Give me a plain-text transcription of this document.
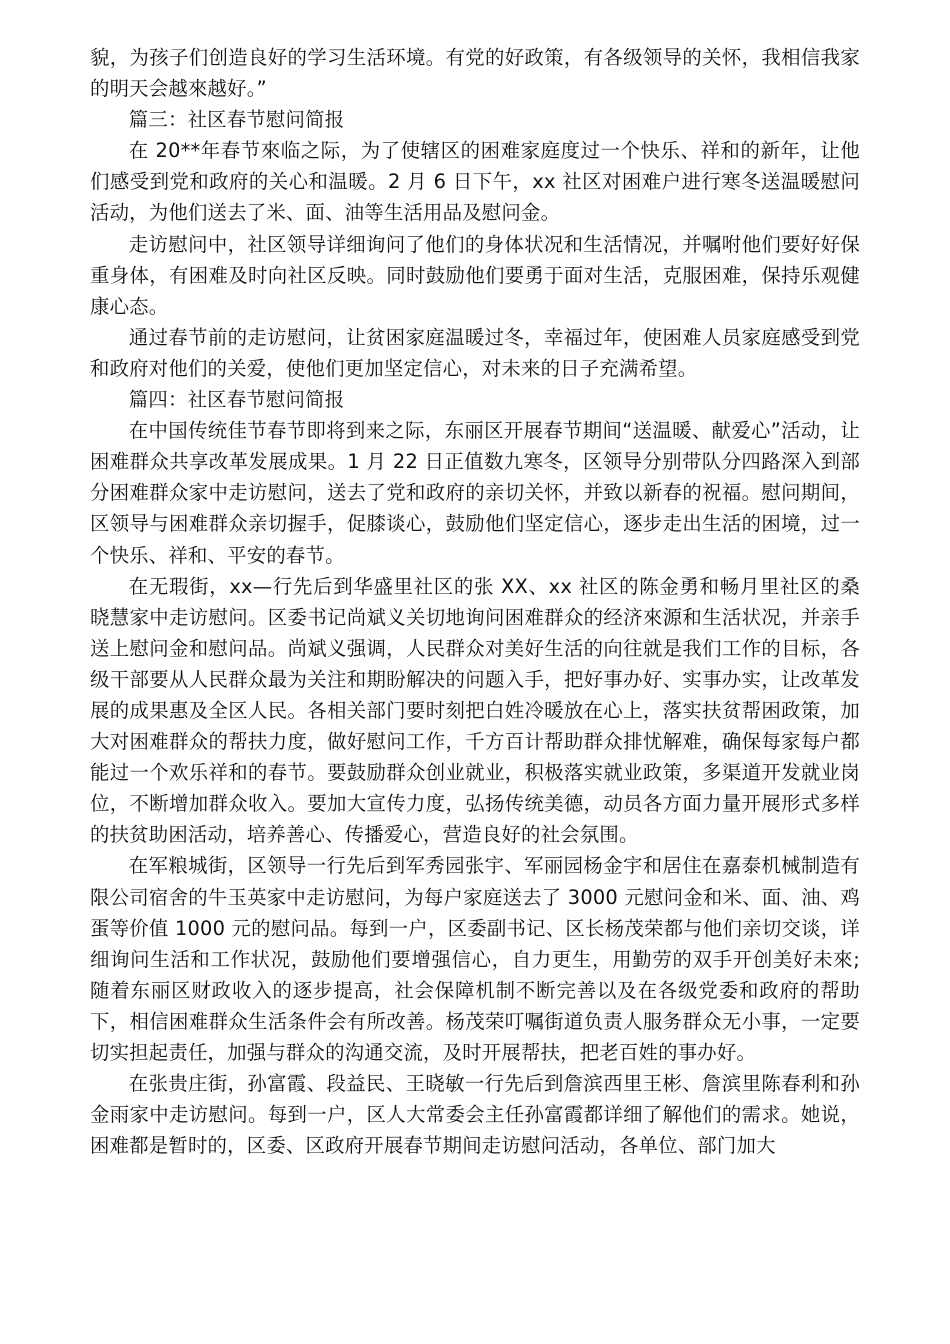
貌，为孩子们创造良好的学习生活环境。有党的好政策，有各级领导的关怀，我相信我家的明天会越來越好。”

篇三：社区春节慰问简报

在 20**年春节來临之际，为了使辖区的困难家庭度过一个快乐、祥和的新年，让他们感受到党和政府的关心和温暖。2 月 6 日下午，xx 社区对困难户进行寒冬送温暖慰问活动，为他们送去了米、面、油等生活用品及慰问金。

走访慰问中，社区领导详细询问了他们的身体状况和生活情况，并嘱咐他们要好好保重身体，有困难及时向社区反映。同时鼓励他们要勇于面对生活，克服困难，保持乐观健康心态。

通过春节前的走访慰问，让贫困家庭温暖过冬，幸福过年，使困难人员家庭感受到党和政府对他们的关爱，使他们更加坚定信心，对未来的日子充满希望。

篇四：社区春节慰问简报

在中国传统佳节春节即将到来之际，东丽区开展春节期间“送温暖、献爱心”活动，让困难群众共享改革发展成果。1 月 22 日正值数九寒冬，区领导分别带队分四路深入到部分困难群众家中走访慰问，送去了党和政府的亲切关怀，并致以新春的祝福。慰问期间，区领导与困难群众亲切握手，促膝谈心，鼓励他们坚定信心，逐步走出生活的困境，过一个快乐、祥和、平安的春节。

在无瑕街，xx—行先后到华盛里社区的张 XX、xx 社区的陈金勇和畅月里社区的桑晓慧家中走访慰问。区委书记尚斌义关切地询问困难群众的经济來源和生活状况，并亲手送上慰问金和慰问品。尚斌义强调，人民群众对美好生活的向往就是我们工作的目标，各级干部要从人民群众最为关注和期盼解决的问题入手，把好事办好、实事办实，让改革发展的成果惠及全区人民。各相关部门要时刻把白姓冷暖放在心上，落实扶贫帮困政策，加大对困难群众的帮扶力度，做好慰问工作，千方百计帮助群众排忧解难，确保每家每户都能过一个欢乐祥和的春节。要鼓励群众创业就业，积极落实就业政策，多渠道开发就业岗位，不断增加群众收入。要加大宣传力度，弘扬传统美德，动员各方面力量开展形式多样的扶贫助困活动，培养善心、传播爱心，营造良好的社会氛围。

在军粮城街，区领导一行先后到军秀园张宇、军丽园杨金宇和居住在嘉泰机械制造有限公司宿舍的牛玉英家中走访慰问，为每户家庭送去了 3000 元慰问金和米、面、油、鸡蛋等价值 1000 元的慰问品。每到一户，区委副书记、区长杨茂荣都与他们亲切交谈，详细询问生活和工作状况，鼓励他们要增强信心，自力更生，用勤劳的双手开创美好未來;随着东丽区财政收入的逐步提高，社会保障机制不断完善以及在各级党委和政府的帮助下，相信困难群众生活条件会有所改善。杨茂荣叮嘱街道负责人服务群众无小事，一定要切实担起责任，加强与群众的沟通交流，及时开展帮扶，把老百姓的事办好。

在张贵庄街，孙富霞、段益民、王晓敏一行先后到詹滨西里王彬、詹滨里陈春利和孙金雨家中走访慰问。每到一户，区人大常委会主任孙富霞都详细了解他们的需求。她说，困难都是暂时的，区委、区政府开展春节期间走访慰问活动，各单位、部门加大
